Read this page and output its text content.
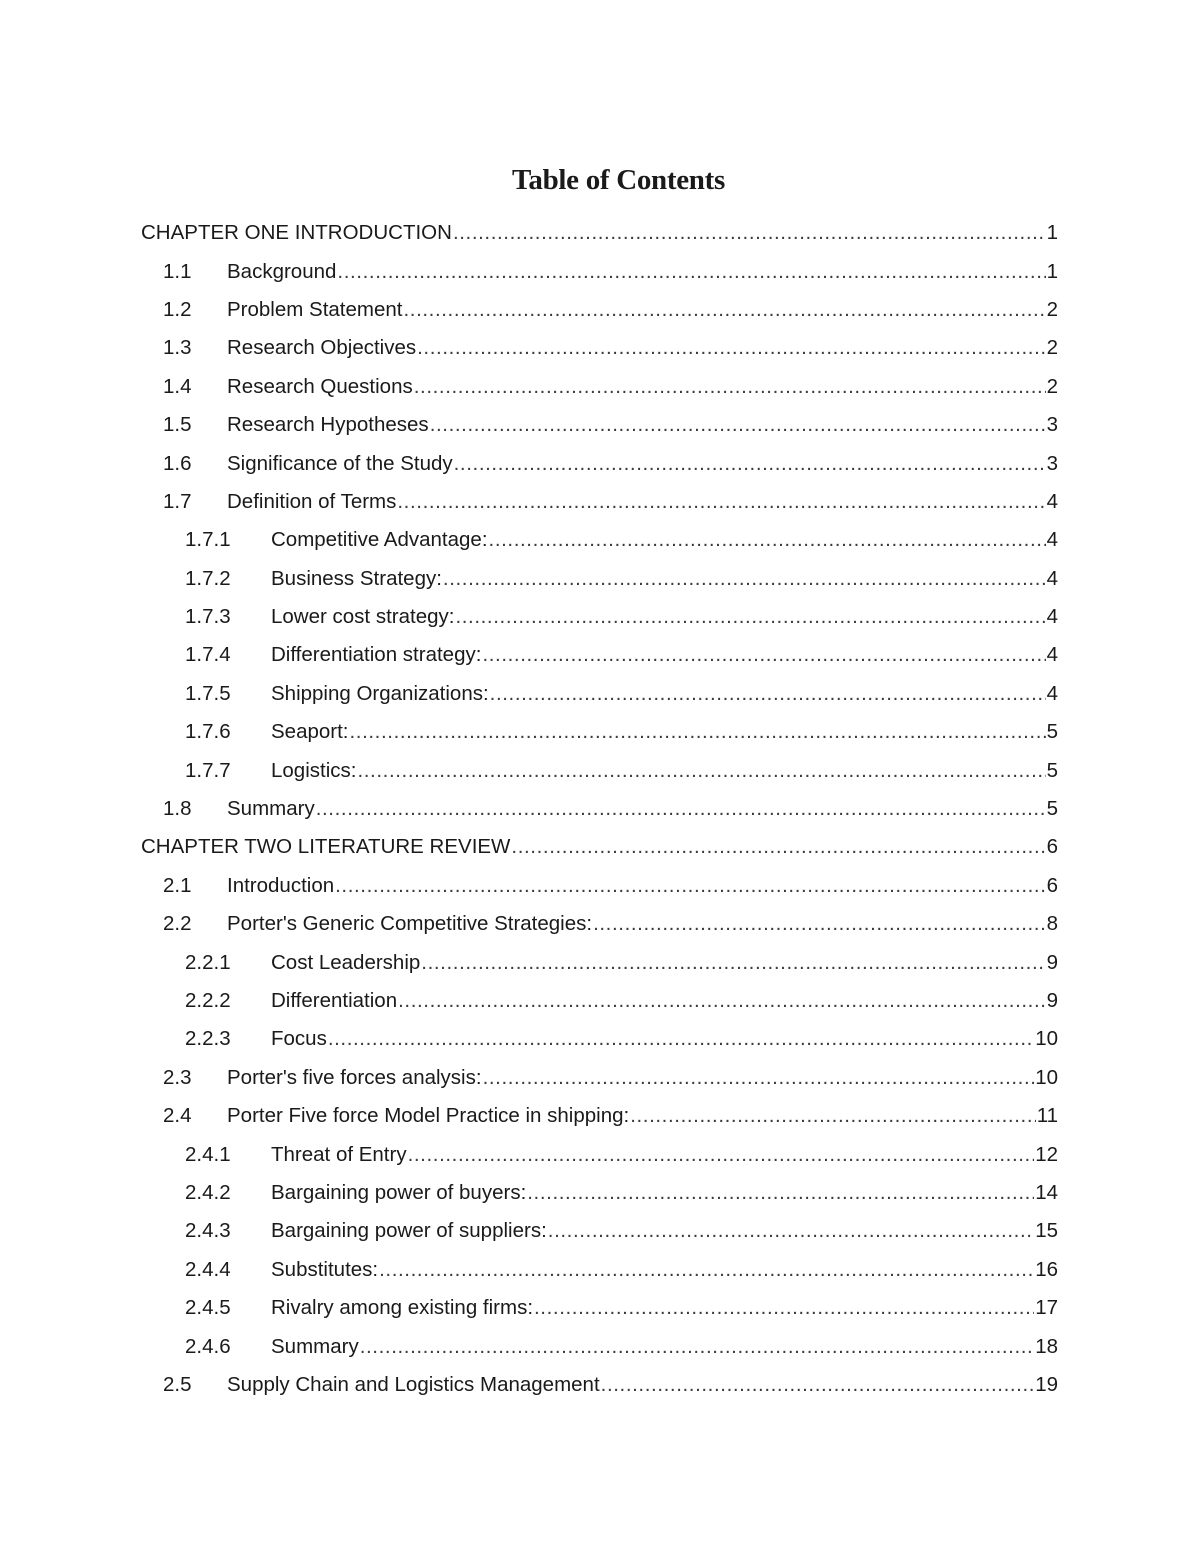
Table of Contents
CHAPTER ONE INTRODUCTION .....	1
1.1	Background .....	1
1.2	Problem Statement .....	2
1.3	Research Objectives .....	2
1.4	Research Questions .....	2
1.5	Research Hypotheses .....	3
1.6	Significance of the Study .....	3
1.7	Definition of Terms .....	4
1.7.1	Competitive Advantage: .....	4
1.7.2	Business Strategy: .....	4
1.7.3	Lower cost strategy: .....	4
1.7.4	Differentiation strategy: .....	4
1.7.5	Shipping Organizations: .....	4
1.7.6	Seaport: .....	5
1.7.7	Logistics: .....	5
1.8	Summary .....	5
CHAPTER TWO LITERATURE REVIEW .....	6
2.1	Introduction .....	6
2.2	Porter's Generic Competitive Strategies: .....	8
2.2.1	Cost Leadership .....	9
2.2.2	Differentiation .....	9
2.2.3	Focus .....	10
2.3	Porter's five forces analysis: .....	10
2.4	Porter Five force Model Practice in shipping: .....	11
2.4.1	Threat of Entry .....	12
2.4.2	Bargaining power of buyers: .....	14
2.4.3	Bargaining power of suppliers: .....	15
2.4.4	Substitutes: .....	16
2.4.5	Rivalry among existing firms: .....	17
2.4.6	Summary .....	18
2.5	Supply Chain and Logistics Management .....	19
